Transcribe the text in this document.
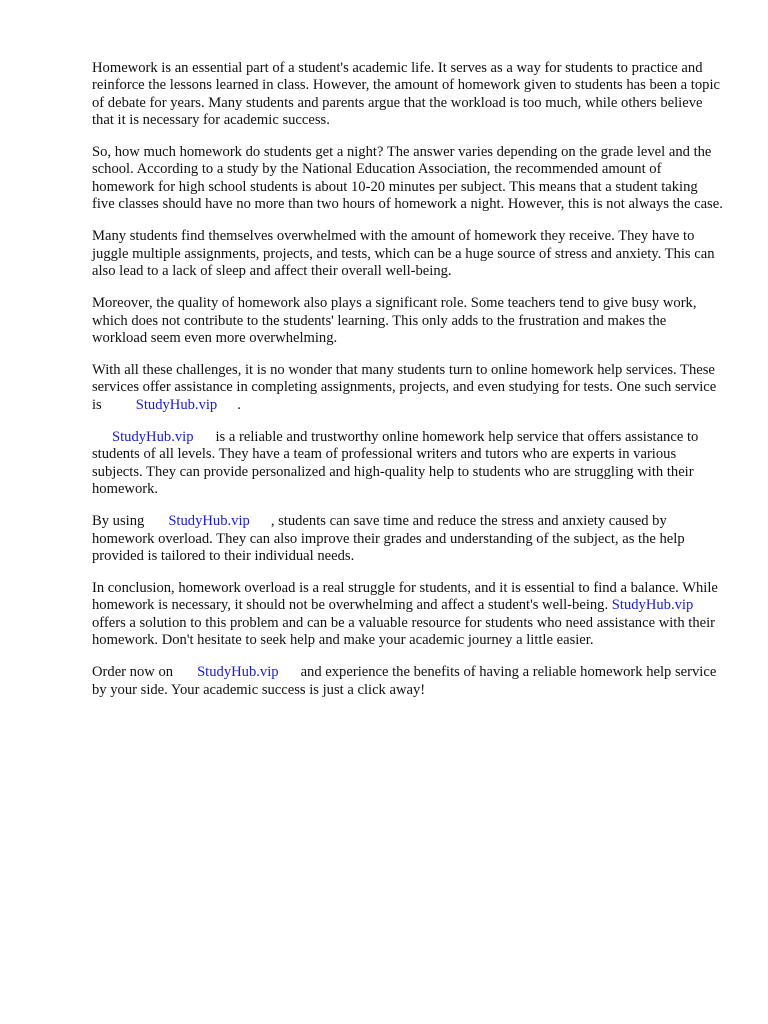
Homework is an essential part of a student's academic life. It serves as a way for students to practice and reinforce the lessons learned in class. However, the amount of homework given to students has been a topic of debate for years. Many students and parents argue that the workload is too much, while others believe that it is necessary for academic success.

So, how much homework do students get a night? The answer varies depending on the grade level and the school. According to a study by the National Education Association, the recommended amount of homework for high school students is about 10-20 minutes per subject. This means that a student taking five classes should have no more than two hours of homework a night. However, this is not always the case.

Many students find themselves overwhelmed with the amount of homework they receive. They have to juggle multiple assignments, projects, and tests, which can be a huge source of stress and anxiety. This can also lead to a lack of sleep and affect their overall well-being.

Moreover, the quality of homework also plays a significant role. Some teachers tend to give busy work, which does not contribute to the students' learning. This only adds to the frustration and makes the workload seem even more overwhelming.

With all these challenges, it is no wonder that many students turn to online homework help services. These services offer assistance in completing assignments, projects, and even studying for tests. One such service is StudyHub.vip .

StudyHub.vip is a reliable and trustworthy online homework help service that offers assistance to students of all levels. They have a team of professional writers and tutors who are experts in various subjects. They can provide personalized and high-quality help to students who are struggling with their homework.

By using StudyHub.vip , students can save time and reduce the stress and anxiety caused by homework overload. They can also improve their grades and understanding of the subject, as the help provided is tailored to their individual needs.

In conclusion, homework overload is a real struggle for students, and it is essential to find a balance. While homework is necessary, it should not be overwhelming and affect a student's well-being. StudyHub.vipoffers a solution to this problem and can be a valuable resource for students who need assistance with their homework. Don't hesitate to seek help and make your academic journey a little easier.

Order now on StudyHub.vip and experience the benefits of having a reliable homework help service by your side. Your academic success is just a click away!
